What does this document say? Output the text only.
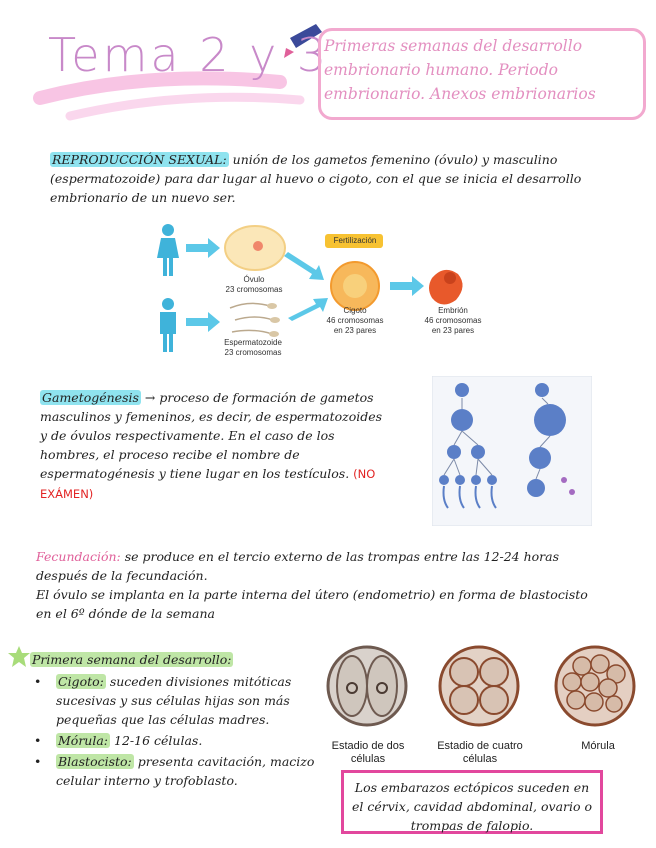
Tema 2 y 3
Primeras semanas del desarrollo embrionario humano. Periodo embrionario. Anexos embrionarios
REPRODUCCIÓN SEXUAL: unión de los gametos femenino (óvulo) y masculino (espermatozoide) para dar lugar al huevo o cigoto, con el que se inicia el desarrollo embrionario de un nuevo ser.
Fertilización
Óvulo
23 cromosomas
Espermatozoide
23 cromosomas
Cigoto
46 cromosomas
en 23 pares
Embrión
46 cromosomas
en 23 pares
Gametogénesis → proceso de formación de gametos masculinos y femeninos, es decir, de espermatozoides y de óvulos respectivamente. En el caso de los hombres, el proceso recibe el nombre de espermatogénesis y tiene lugar en los testículos. (NO EXÁMEN)
Fecundación: se produce en el tercio externo de las trompas entre las 12-24 horas después de la fecundación.
El óvulo se implanta en la parte interna del útero (endometrio) en forma de blastocisto en el 6º dónde de la semana
Primera semana del desarrollo:
• Cigoto: suceden divisiones mitóticas sucesivas y sus células hijas son más pequeñas que las células madres.
• Mórula: 12-16 células.
• Blastocisto: presenta cavitación, macizo celular interno y trofoblasto.
Estadio de dos células
Estadio de cuatro células
Mórula
Los embarazos ectópicos suceden en el cérvix, cavidad abdominal, ovario o trompas de falopio.
